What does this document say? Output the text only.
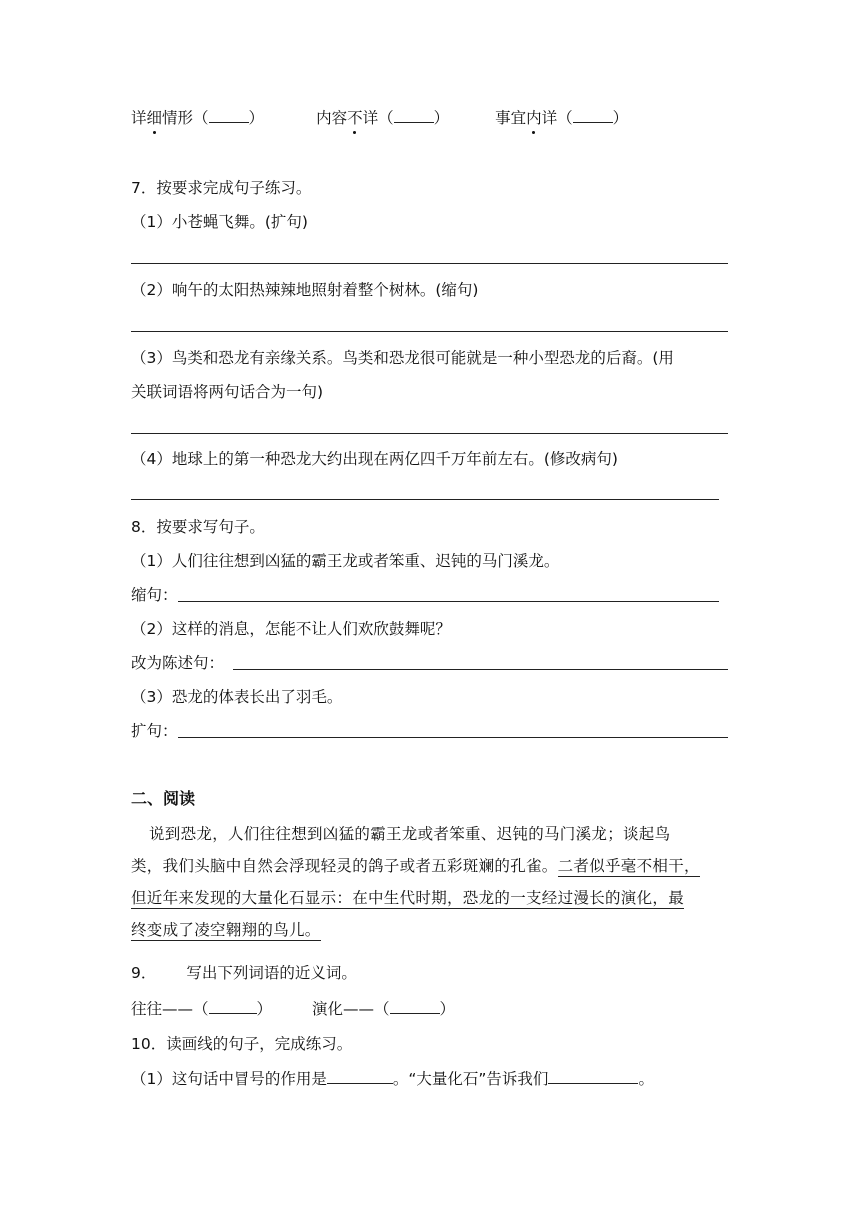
详细情形（	）	内容不详（	）	事宜内详（	）
7．按要求完成句子练习。
（1）小苍蝇飞舞。(扩句)
（2）响午的太阳热辣辣地照射着整个树林。(缩句)
（3）鸟类和恐龙有亲缘关系。鸟类和恐龙很可能就是一种小型恐龙的后裔。(用
关联词语将两句话合为一句)
（4）地球上的第一种恐龙大约出现在两亿四千万年前左右。(修改病句)
8．按要求写句子。
（1）人们往往想到凶猛的霸王龙或者笨重、迟钝的马门溪龙。
缩句：
（2）这样的消息，怎能不让人们欢欣鼓舞呢？
改为陈述句：
（3）恐龙的体表长出了羽毛。
扩句：
二、阅读
说到恐龙，人们往往想到凶猛的霸王龙或者笨重、迟钝的马门溪龙；谈起鸟
类，我们头脑中自然会浮现轻灵的鸽子或者五彩斑斓的孔雀。二者似乎毫不相干，
但近年来发现的大量化石显示：在中生代时期，恐龙的一支经过漫长的演化，最
终变成了凌空翱翔的鸟儿。
9． 写出下列词语的近义词。
往往——（	）	演化——（	）
10．读画线的句子，完成练习。
（1）这句话中冒号的作用是	。“大量化石”告诉我们	。
